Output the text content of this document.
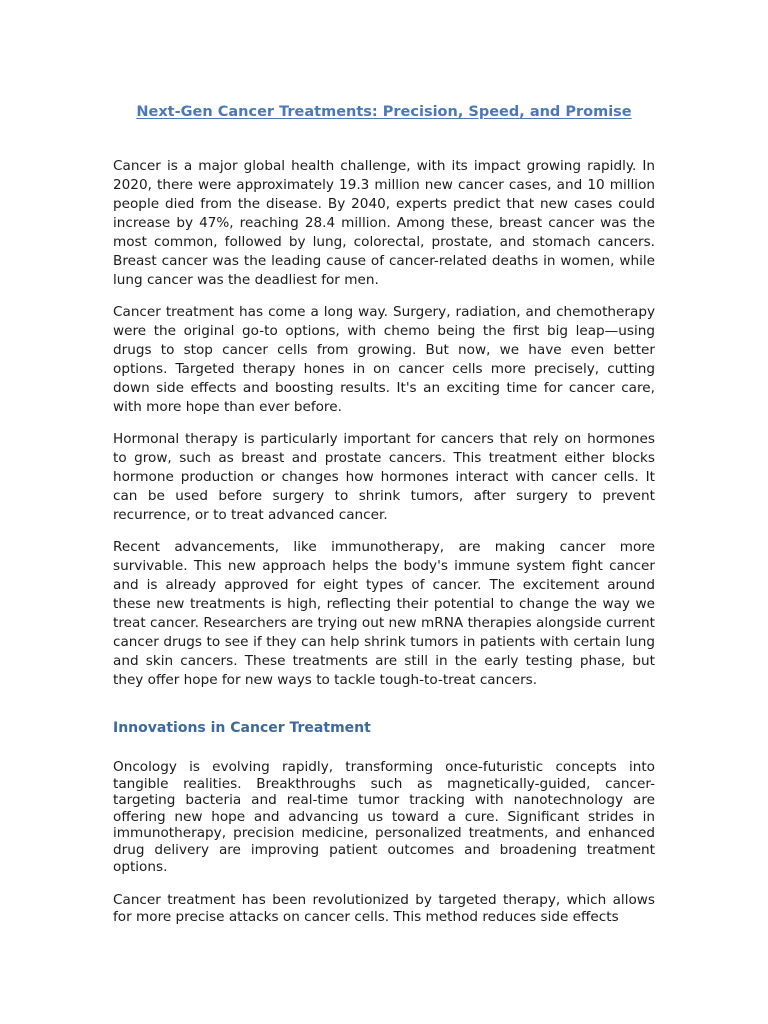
Next-Gen Cancer Treatments: Precision, Speed, and Promise

Cancer is a major global health challenge, with its impact growing rapidly. In 2020, there were approximately 19.3 million new cancer cases, and 10 million people died from the disease. By 2040, experts predict that new cases could increase by 47%, reaching 28.4 million. Among these, breast cancer was the most common, followed by lung, colorectal, prostate, and stomach cancers. Breast cancer was the leading cause of cancer-related deaths in women, while lung cancer was the deadliest for men.

Cancer treatment has come a long way. Surgery, radiation, and chemotherapy were the original go-to options, with chemo being the first big leap—using drugs to stop cancer cells from growing. But now, we have even better options. Targeted therapy hones in on cancer cells more precisely, cutting down side effects and boosting results. It's an exciting time for cancer care, with more hope than ever before.

Hormonal therapy is particularly important for cancers that rely on hormones to grow, such as breast and prostate cancers. This treatment either blocks hormone production or changes how hormones interact with cancer cells. It can be used before surgery to shrink tumors, after surgery to prevent recurrence, or to treat advanced cancer.

Recent advancements, like immunotherapy, are making cancer more survivable. This new approach helps the body's immune system fight cancer and is already approved for eight types of cancer. The excitement around these new treatments is high, reflecting their potential to change the way we treat cancer. Researchers are trying out new mRNA therapies alongside current cancer drugs to see if they can help shrink tumors in patients with certain lung and skin cancers. These treatments are still in the early testing phase, but they offer hope for new ways to tackle tough-to-treat cancers.

Innovations in Cancer Treatment

Oncology is evolving rapidly, transforming once-futuristic concepts into tangible realities. Breakthroughs such as magnetically-guided, cancer-targeting bacteria and real-time tumor tracking with nanotechnology are offering new hope and advancing us toward a cure. Significant strides in immunotherapy, precision medicine, personalized treatments, and enhanced drug delivery are improving patient outcomes and broadening treatment options.

Cancer treatment has been revolutionized by targeted therapy, which allows for more precise attacks on cancer cells. This method reduces side effects
